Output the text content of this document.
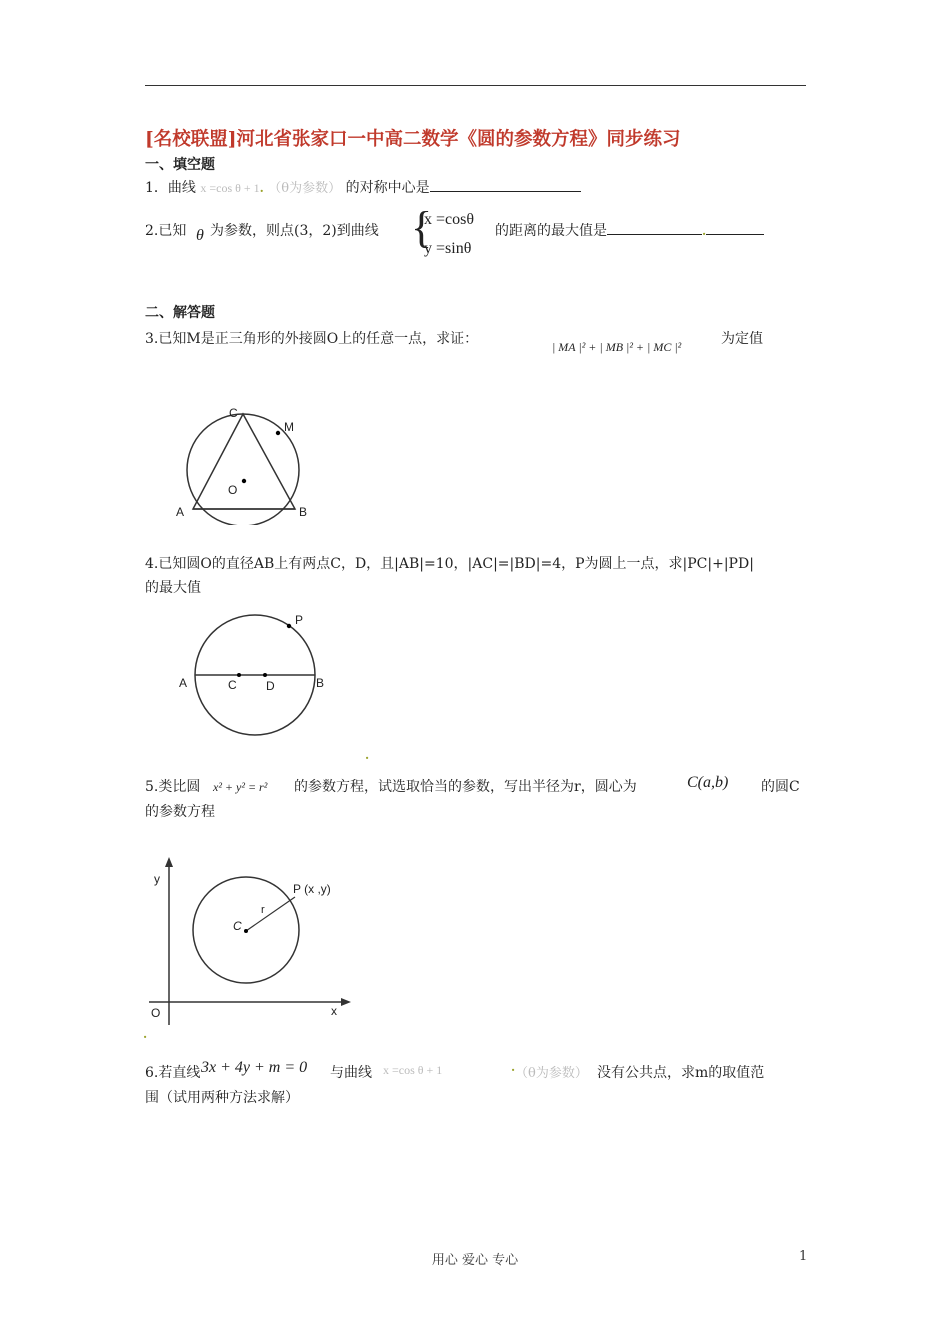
[名校联盟]河北省张家口一中高二数学《圆的参数方程》同步练习
一、填空题
1．曲线 x =cos θ + 1. （θ为参数） 的对称中心是
2.已知 θ 为参数，则点(3，2)到曲线 {
x =cosθ
y =sinθ
的距离的最大值是	.
二、解答题
3.已知M是正三角形的外接圆O上的任意一点，求证：	| MA |² + | MB |² + | MC |²	为定值
C
M
O
A	B
4.已知圆O的直径AB上有两点C，D，且|AB|=10，|AC|=|BD|=4，P为圆上一点，求|PC|+|PD|
的最大值
P
A	C D	B
.
5.类比圆 x² + y² = r² 的参数方程，试选取恰当的参数，写出半径为r，圆心为	C(a,b) 的圆C
的参数方程
y
P (x ,y)
r
C
O	x
.
6.若直线 3x + 4y + m = 0 与曲线 x =cos θ + 1	. （θ为参数） 没有公共点，求m的取值范
围（试用两种方法求解）
用心 爱心 专心	1
